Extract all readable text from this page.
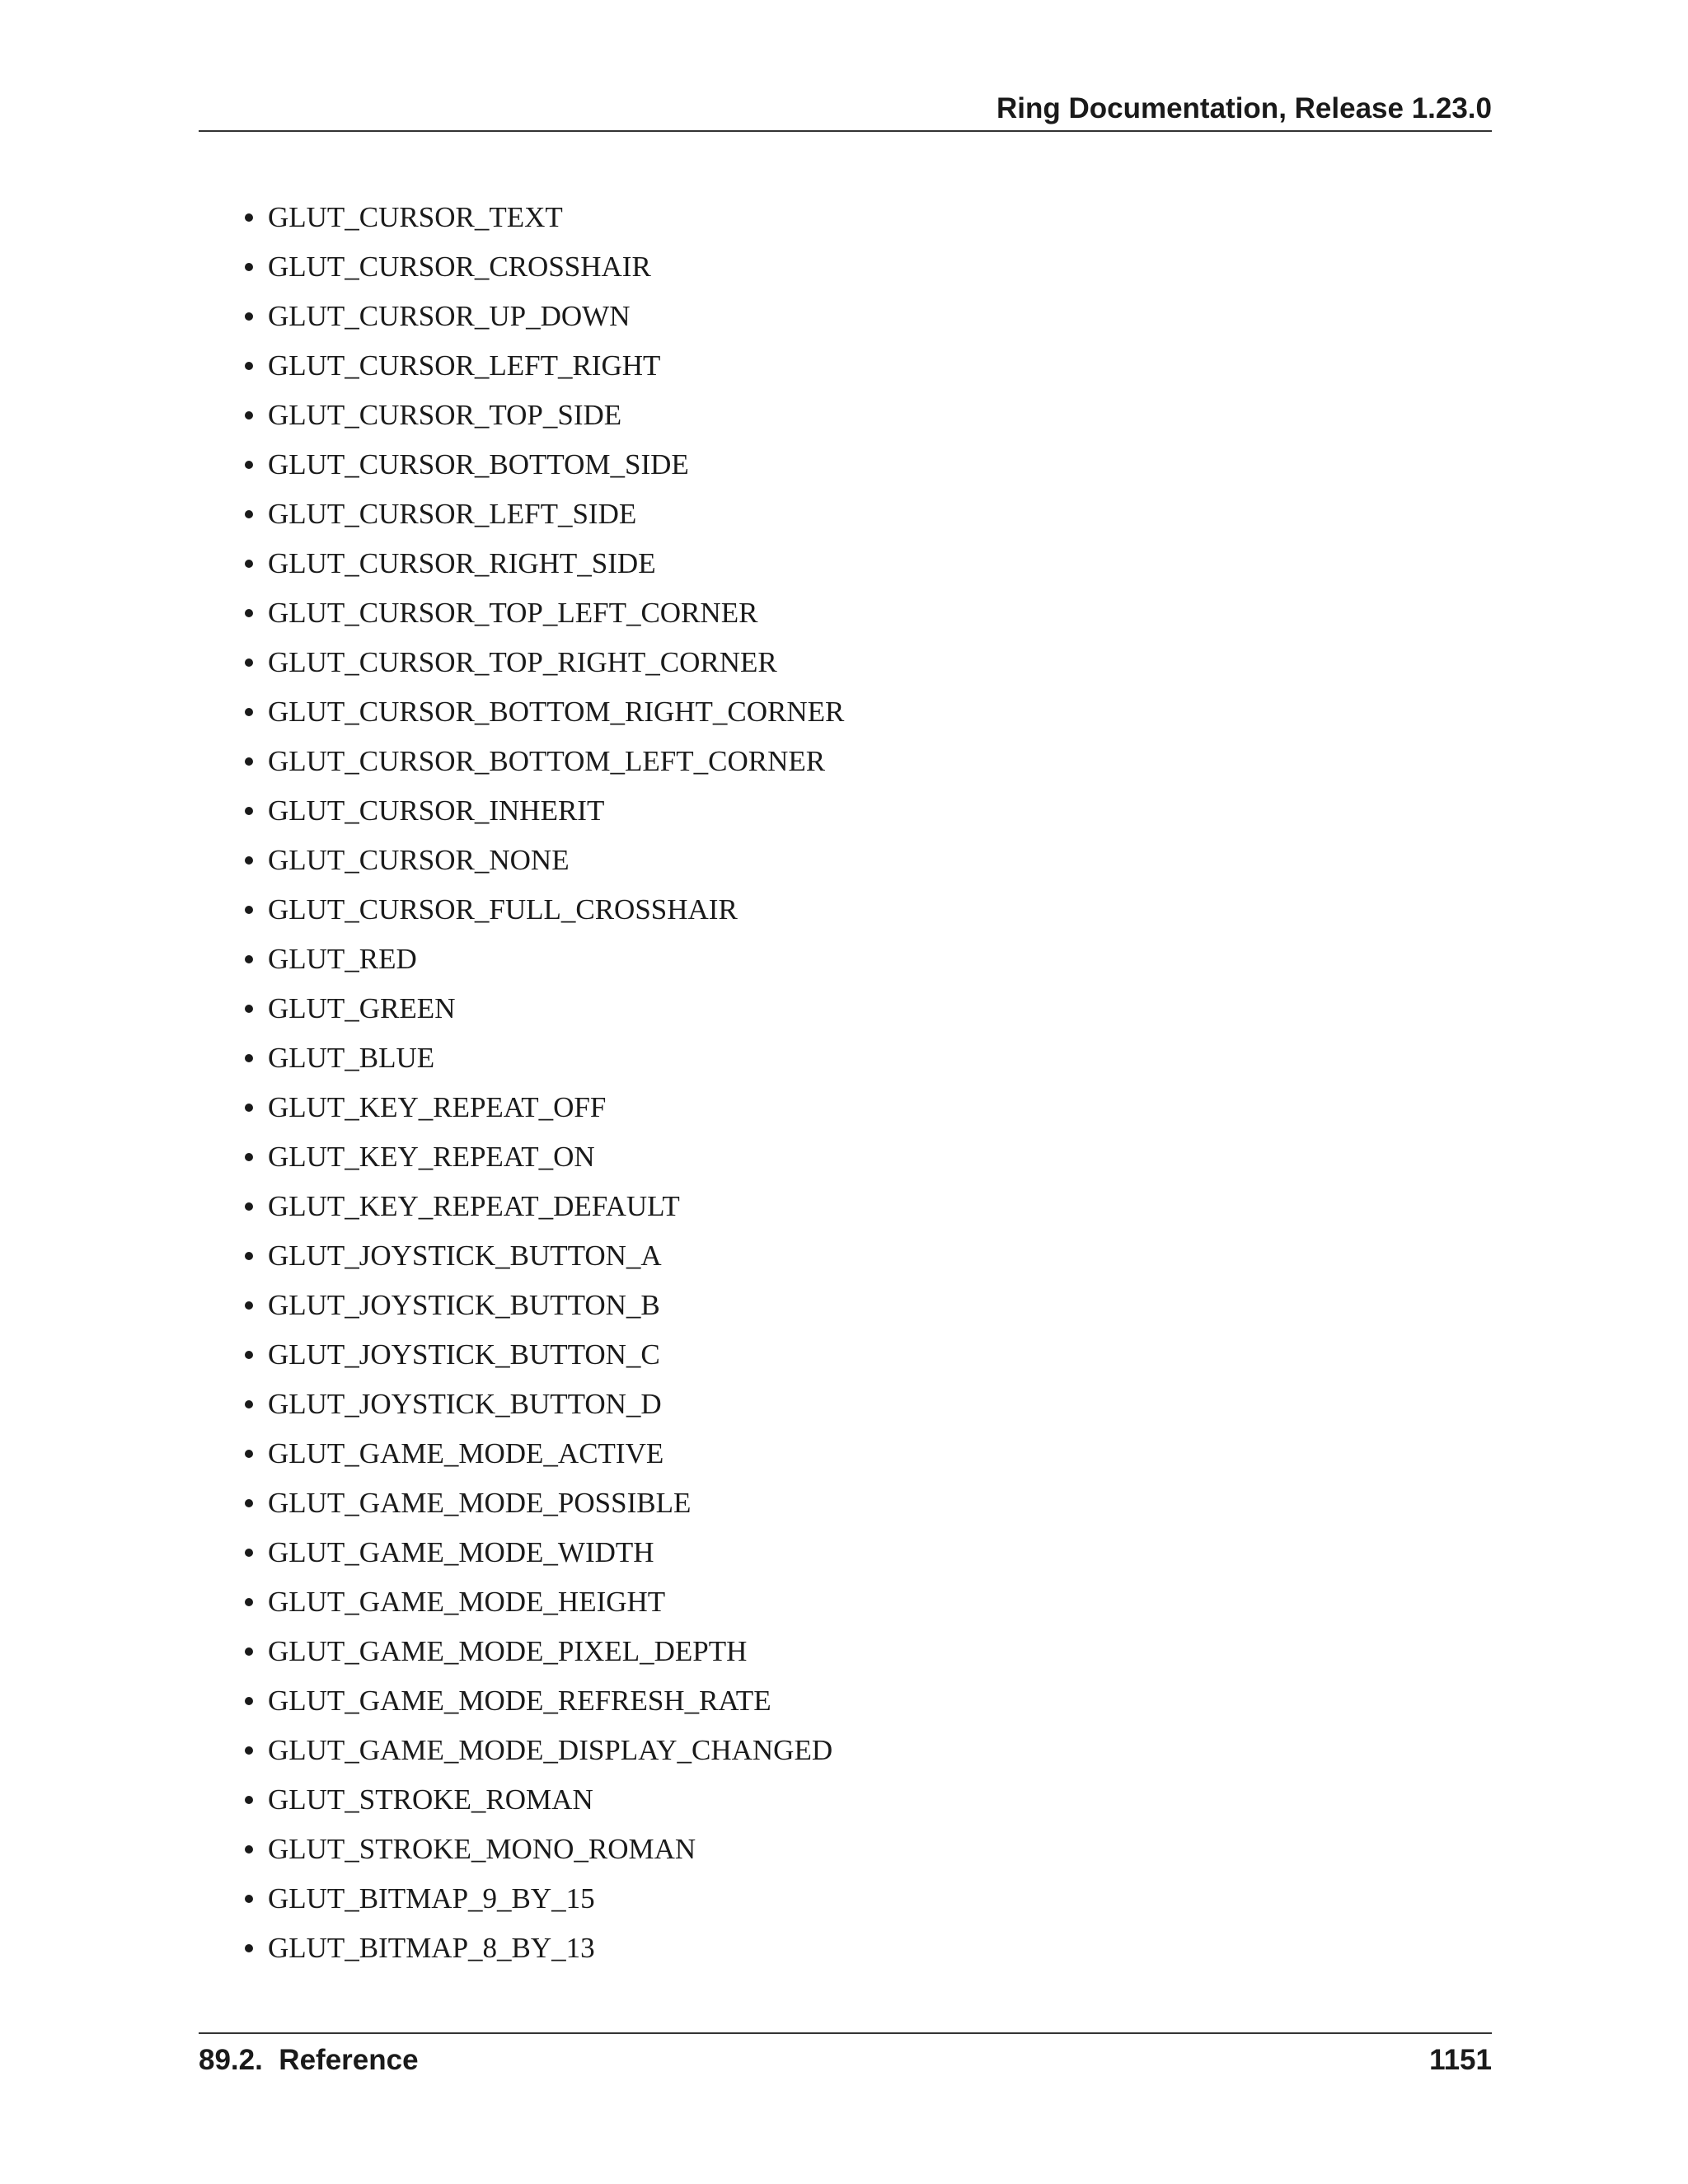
Ring Documentation, Release 1.23.0
GLUT_CURSOR_TEXT
GLUT_CURSOR_CROSSHAIR
GLUT_CURSOR_UP_DOWN
GLUT_CURSOR_LEFT_RIGHT
GLUT_CURSOR_TOP_SIDE
GLUT_CURSOR_BOTTOM_SIDE
GLUT_CURSOR_LEFT_SIDE
GLUT_CURSOR_RIGHT_SIDE
GLUT_CURSOR_TOP_LEFT_CORNER
GLUT_CURSOR_TOP_RIGHT_CORNER
GLUT_CURSOR_BOTTOM_RIGHT_CORNER
GLUT_CURSOR_BOTTOM_LEFT_CORNER
GLUT_CURSOR_INHERIT
GLUT_CURSOR_NONE
GLUT_CURSOR_FULL_CROSSHAIR
GLUT_RED
GLUT_GREEN
GLUT_BLUE
GLUT_KEY_REPEAT_OFF
GLUT_KEY_REPEAT_ON
GLUT_KEY_REPEAT_DEFAULT
GLUT_JOYSTICK_BUTTON_A
GLUT_JOYSTICK_BUTTON_B
GLUT_JOYSTICK_BUTTON_C
GLUT_JOYSTICK_BUTTON_D
GLUT_GAME_MODE_ACTIVE
GLUT_GAME_MODE_POSSIBLE
GLUT_GAME_MODE_WIDTH
GLUT_GAME_MODE_HEIGHT
GLUT_GAME_MODE_PIXEL_DEPTH
GLUT_GAME_MODE_REFRESH_RATE
GLUT_GAME_MODE_DISPLAY_CHANGED
GLUT_STROKE_ROMAN
GLUT_STROKE_MONO_ROMAN
GLUT_BITMAP_9_BY_15
GLUT_BITMAP_8_BY_13
89.2.  Reference	1151
